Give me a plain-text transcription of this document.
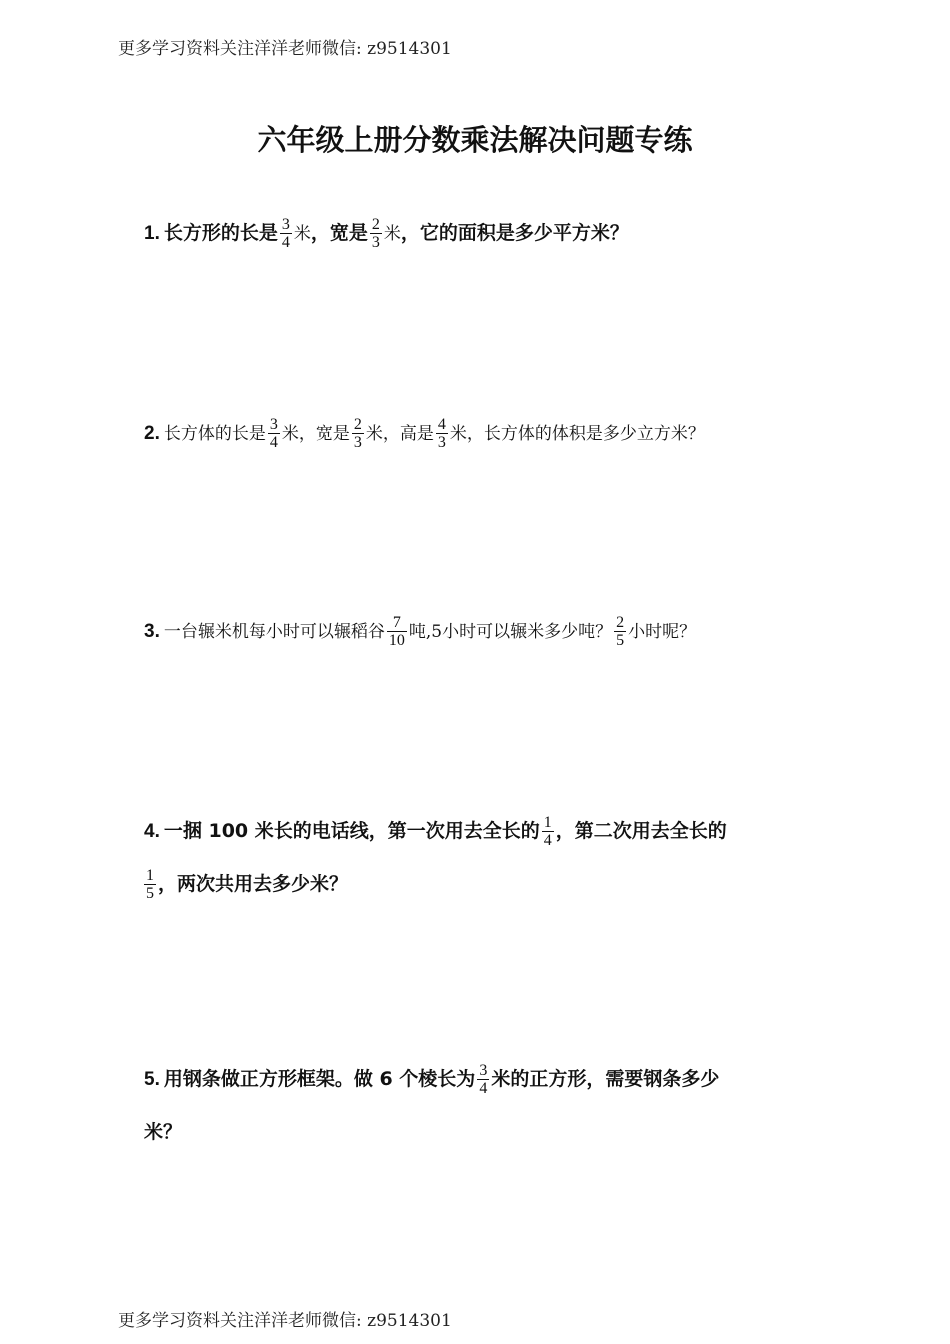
更多学习资料关注洋洋老师微信: z9514301
六年级上册分数乘法解决问题专练
1. 长方形的长是 $\frac{3}{4}$ 米，宽是 $\frac{2}{3}$ 米，它的面积是多少平方米？
2. 长方体的长是 $\frac{3}{4}$ 米，宽是 $\frac{2}{3}$ 米，高是 $\frac{4}{3}$ 米，长方体的体积是多少立方米？
3. 一台辗米机每小时可以辗稻谷 $\frac{7}{10}$ 吨,5小时可以辗米多少吨？ $\frac{2}{5}$ 小时呢？
4. 一捆 100 米长的电话线，第一次用去全长的 $\frac{1}{4}$ ，第二次用去全长的
$\frac{1}{5}$ ，两次共用去多少米？
5. 用钢条做正方形框架。做 6 个棱长为 $\frac{3}{4}$ 米的正方形，需要钢条多少
米？
更多学习资料关注洋洋老师微信: z9514301
